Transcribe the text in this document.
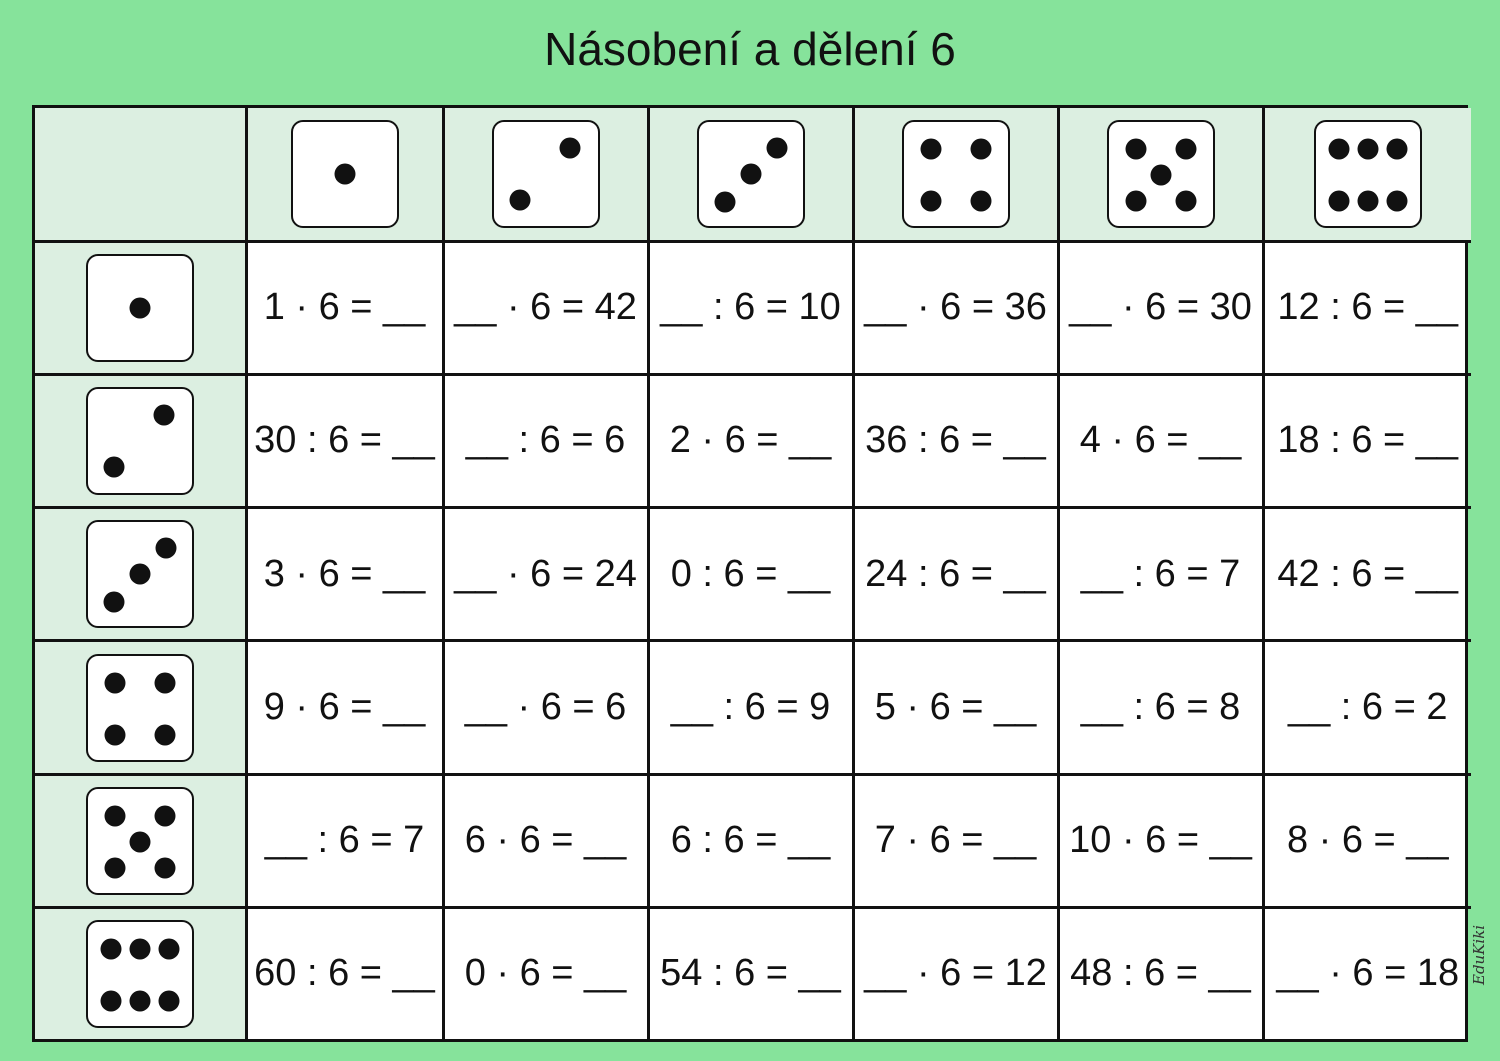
Násobení a dělení 6

	1 · 6 = __	__ · 6 = 42	__ : 6 = 10	__ · 6 = 36	__ · 6 = 30	12 : 6 = __

	30 : 6 = __	__ : 6 = 6	2 · 6 = __	36 : 6 = __	4 · 6 = __	18 : 6 = __

	3 · 6 = __	__ · 6 = 24	0 : 6 = __	24 : 6 = __	__ : 6 = 7	42 : 6 = __

	9 · 6 = __	__ · 6 = 6	__ : 6 = 9	5 · 6 = __	__ : 6 = 8	__ : 6 = 2

	__ : 6 = 7	6 · 6 = __	6 : 6 = __	7 · 6 = __	10 · 6 = __	8 · 6 = __

	60 : 6 = __	0 · 6 = __	54 : 6 = __	__ · 6 = 12	48 : 6 = __	__ · 6 = 18 EduKiki
